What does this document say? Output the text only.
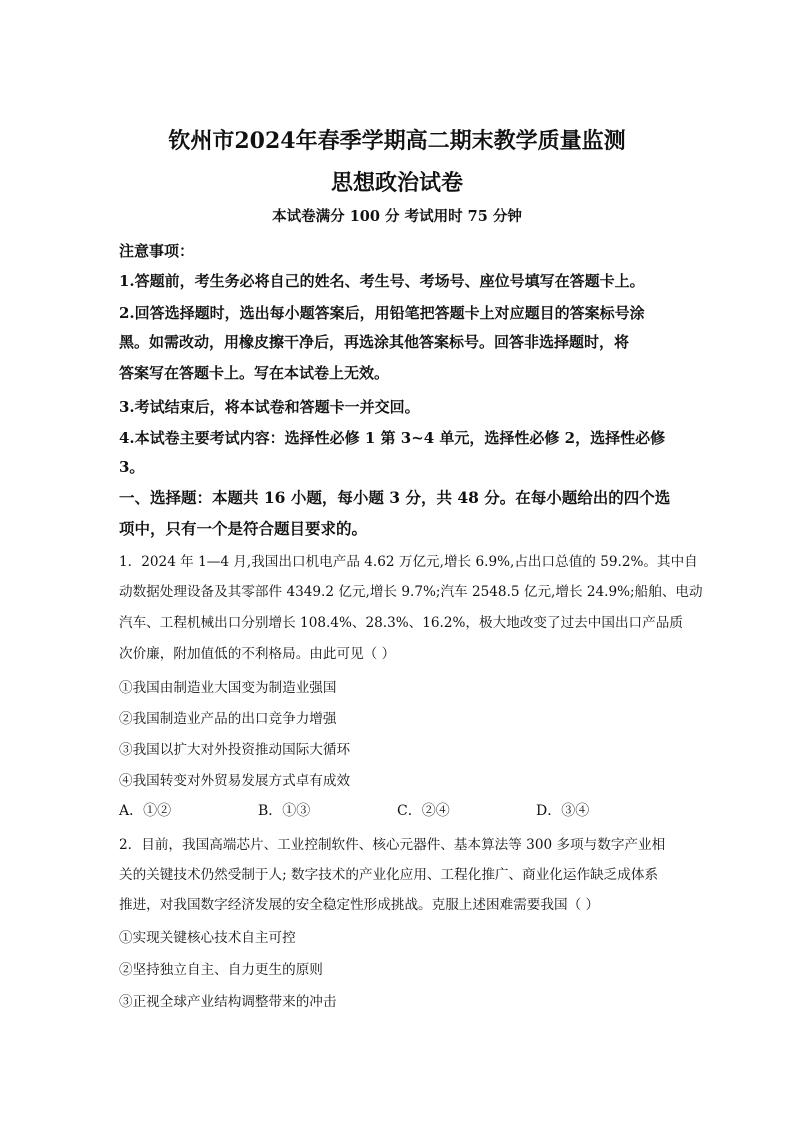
钦州市2024年春季学期高二期末教学质量监测
思想政治试卷
本试卷满分 100 分 考试用时 75 分钟
注意事项：
1.答题前，考生务必将自己的姓名、考生号、考场号、座位号填写在答题卡上。
2.回答选择题时，选出每小题答案后，用铅笔把答题卡上对应题目的答案标号涂
黑。如需改动，用橡皮擦干净后，再选涂其他答案标号。回答非选择题时，将
答案写在答题卡上。写在本试卷上无效。
3.考试结束后，将本试卷和答题卡一并交回。
4.本试卷主要考试内容：选择性必修 1 第 3~4 单元，选择性必修 2，选择性必修
3。
一、选择题：本题共 16 小题，每小题 3 分，共 48 分。在每小题给出的四个选
项中，只有一个是符合题目要求的。
1．2024 年 1—4 月,我国出口机电产品 4.62 万亿元,增长 6.9%,占出口总值的 59.2%。其中自
动数据处理设备及其零部件 4349.2 亿元,增长 9.7%;汽车 2548.5 亿元,增长 24.9%;船舶、电动
汽车、工程机械出口分别增长 108.4%、28.3%、16.2%，极大地改变了过去中国出口产品质
次价廉，附加值低的不利格局。由此可见（ ）
①我国由制造业大国变为制造业强国
②我国制造业产品的出口竞争力增强
③我国以扩大对外投资推动国际大循环
④我国转变对外贸易发展方式卓有成效
A．①②	B．①③	C．②④	D．③④
2．目前，我国高端芯片、工业控制软件、核心元器件、基本算法等 300 多项与数字产业相
关的关键技术仍然受制于人; 数字技术的产业化应用、工程化推广、商业化运作缺乏成体系
推进，对我国数字经济发展的安全稳定性形成挑战。克服上述困难需要我国（ ）
①实现关键核心技术自主可控
②坚持独立自主、自力更生的原则
③正视全球产业结构调整带来的冲击
